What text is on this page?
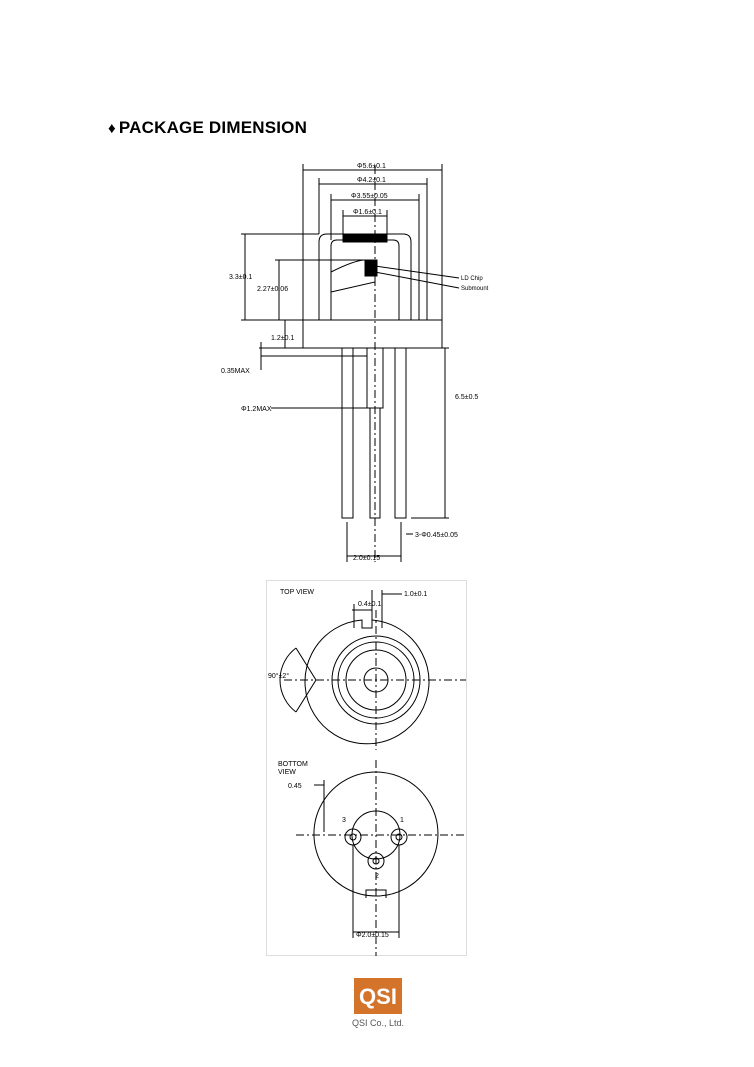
♦ PACKAGE DIMENSION
Φ5.6±0.1
Φ4.2±0.1
Φ3.55±0.05
Φ1.6±0.1
3.3±0.1
2.27±0.06
1.2±0.1
0.35MAX
6.5±0.5
Φ1.2MAX
3-Φ0.45±0.05
2.0±0.15
LD Chip
Submount
TOP VIEW	1.0±0.1
0.4±0.1
90°±2°
BOTTOM
VIEW
0.45
3	1
2
Φ2.0±0.15
QSI
QSI Co., Ltd.
